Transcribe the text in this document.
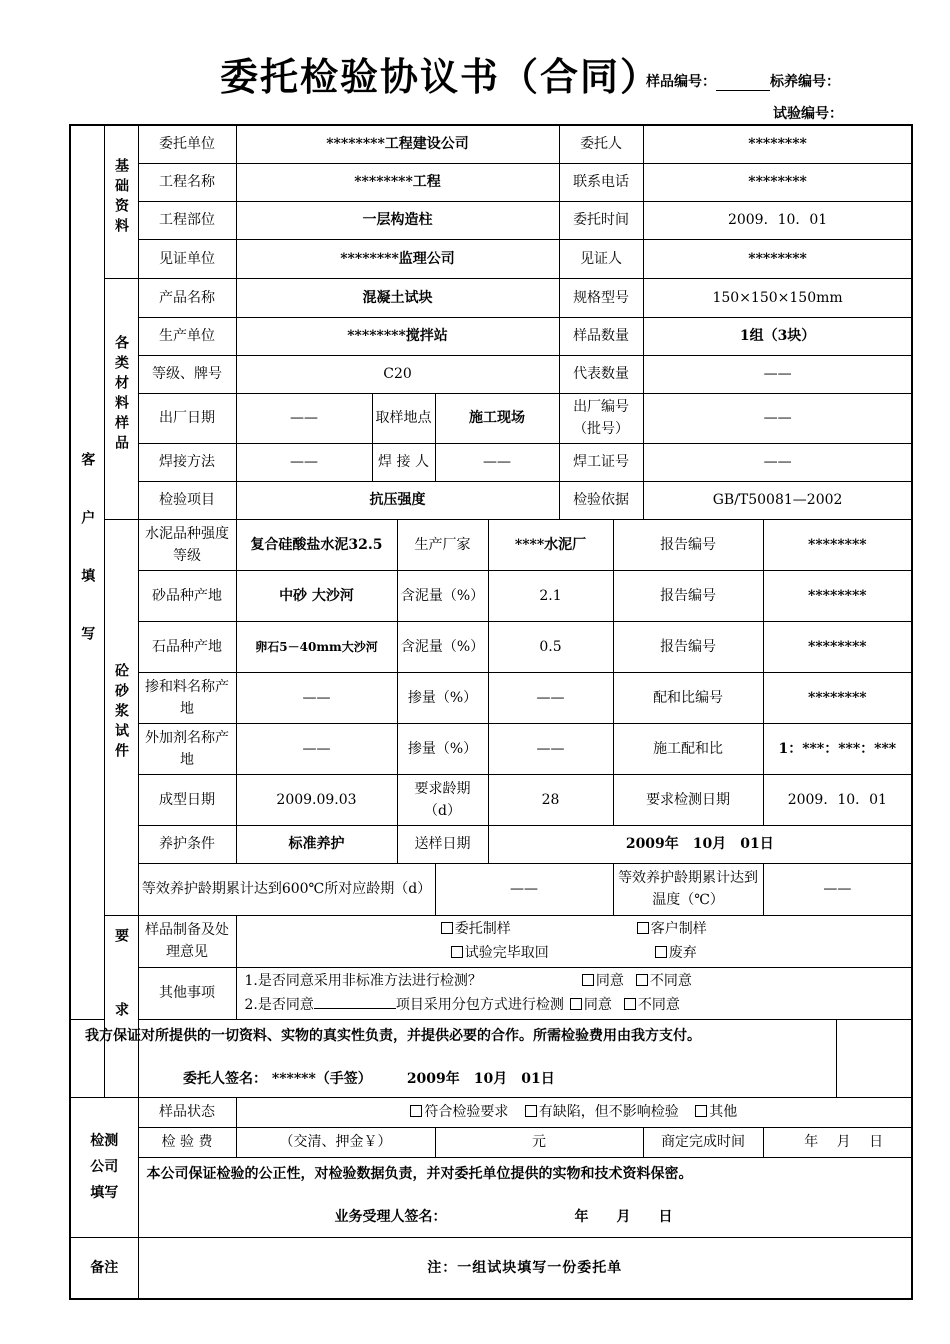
委托检验协议书（合同）
样品编号：	标养编号：
试验编号：
客户填写	基础资料	委托单位	********工程建设公司					委托人		********	
		工程名称	********工程					联系电话		********	
		工程部位	一层构造柱					委托时间		2009．10．01	
		见证单位	********监理公司					见证人		********	
	各类材料样品	产品名称	混凝土试块					规格型号		150×150×150mm	
		生产单位	********搅拌站					样品数量		1组（3块）	
		等级、牌号	C20					代表数量		——	
		出厂日期	——	取样地点		施工现场		出厂编号（批号）		——	
		焊接方法	——	焊 接 人		——		焊工证号		——	
		检验项目	抗压强度					检验依据		GB/T50081—2002	
	砼砂浆试件	水泥品种强度等级	复合硅酸盐水泥32.5		生产厂家		****水泥厂		报告编号		********
		砂品种产地	中砂 大沙河		含泥量（%）		2.1		报告编号		********
		石品种产地	卵石5－40mm大沙河		含泥量（%）		0.5		报告编号		********
		掺和料名称产 地	——		掺量（%）		——		配和比编号		********
		外加剂名称产 地	——		掺量（%）		——		施工配和比		1：***：***：***
		成型日期	2009.09.03		要求龄期（d）		28		要求检测日期		2009．10．01
		养护条件	标准养护		送样日期		2009年　10月　01日				
		等效养护龄期累计达到600℃所对应龄期（d）				——			等效养护龄期累计达到温度（℃）		——
	要求	样品制备及处理意见	委托制样 客户制样
试验完毕取回 废弃								

		其他事项	1.是否同意采用非标准方法进行检测？ 同意 不同意
2.是否同意 项目采用分包方式进行检测 同意 不同意								

我方保证对所提供的一切资料、实物的真实性负责，并提供必要的合作。所需检验费用由我方支付。
委托人签名： ******（手签）　　　 2009年　10月　01日											

检测公司填写		样品状态	符合检验要求 有缺陷，但不影响检验 其他								
		检 验 费	（交清、押金￥）			元				商定完成时间	年　 月　 日

		本公司保证检验的公正性，对检验数据负责，并对委托单位提供的实物和技术资料保密。
业务受理人签名： 年　　月　　日									

备注		注：一组试块填写一份委托单									
